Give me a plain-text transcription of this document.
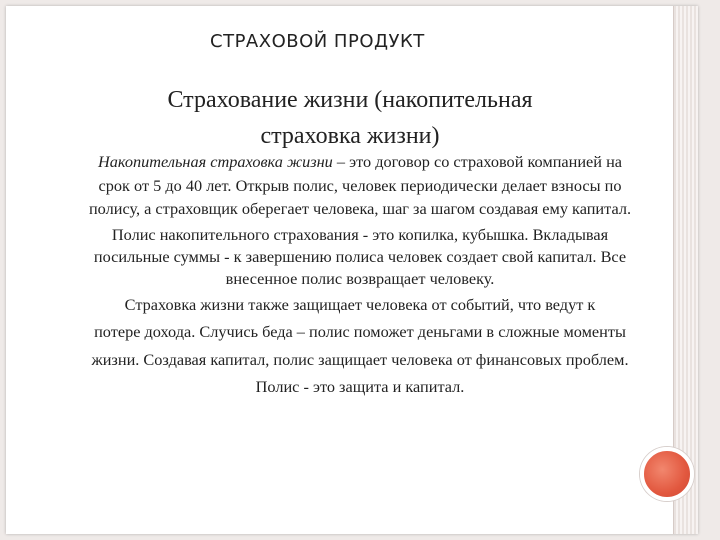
СТРАХОВОЙ ПРОДУКТ
Страхование жизни (накопительная
страховка жизни)
Накопительная страховка жизни – это договор со страховой компанией на
срок от 5 до 40 лет. Открыв полис, человек периодически делает взносы по
полису, а страховщик оберегает человека, шаг за шагом создавая ему капитал.
Полис накопительного страхования - это копилка, кубышка. Вкладывая
посильные суммы - к завершению полиса человек создает свой капитал. Все
внесенное полис возвращает человеку.
Страховка жизни также защищает человека от событий, что ведут к
потере дохода. Случись беда – полис поможет деньгами в сложные моменты
жизни. Создавая капитал, полис защищает человека от финансовых проблем.
Полис - это защита и капитал.
